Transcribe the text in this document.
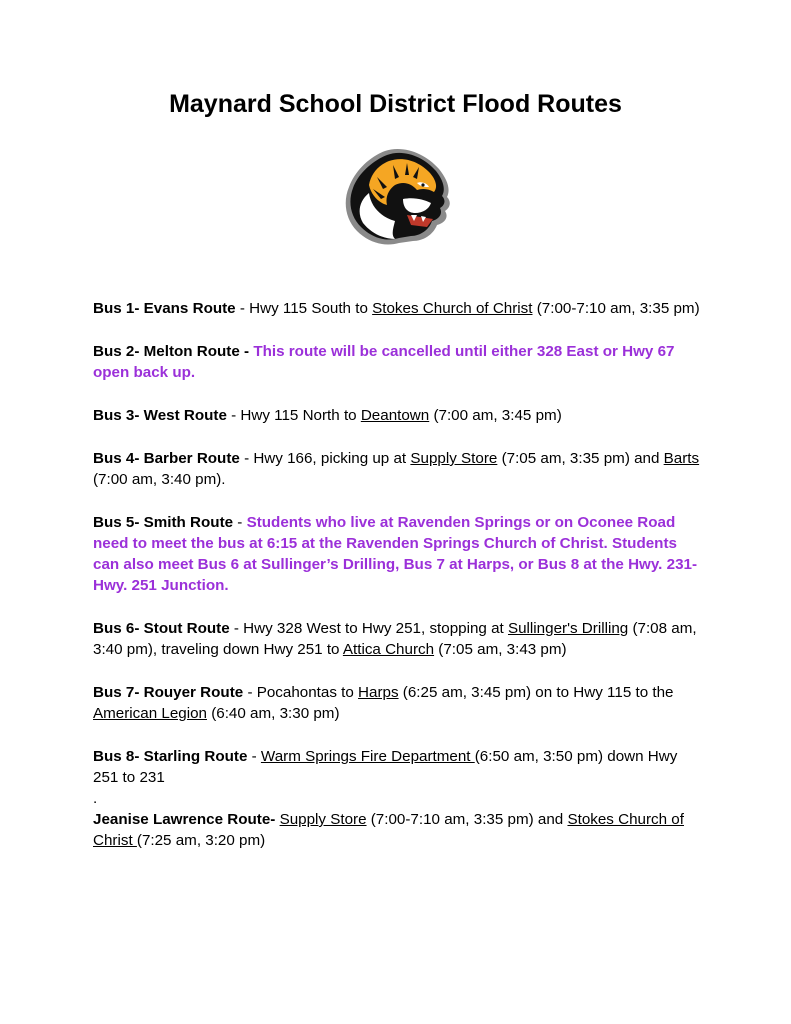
Maynard School District Flood Routes

Bus 1- Evans Route - Hwy 115 South to Stokes Church of Christ (7:00-7:10 am, 3:35 pm)

Bus 2- Melton Route - This route will be cancelled until either 328 East or Hwy 67 open back up.

Bus 3- West Route - Hwy 115 North to Deantown (7:00 am, 3:45 pm)

Bus 4- Barber Route - Hwy 166, picking up at Supply Store (7:05 am, 3:35 pm) and Barts (7:00 am, 3:40 pm).

Bus 5- Smith Route - Students who live at Ravenden Springs or on Oconee Road need to meet the bus at 6:15 at the Ravenden Springs Church of Christ. Students can also meet Bus 6 at Sullinger’s Drilling, Bus 7 at Harps, or Bus 8 at the Hwy. 231- Hwy. 251 Junction.

Bus 6- Stout Route - Hwy 328 West to Hwy 251, stopping at Sullinger's Drilling (7:08 am, 3:40 pm), traveling down Hwy 251 to Attica Church (7:05 am, 3:43 pm)

Bus 7- Rouyer Route - Pocahontas to Harps (6:25 am, 3:45 pm) on to Hwy 115 to the American Legion (6:40 am, 3:30 pm)

Bus 8- Starling Route - Warm Springs Fire Department (6:50 am, 3:50 pm) down Hwy 251 to 231

.

Jeanise Lawrence Route- Supply Store (7:00-7:10 am, 3:35 pm) and Stokes Church of Christ (7:25 am, 3:20 pm)
